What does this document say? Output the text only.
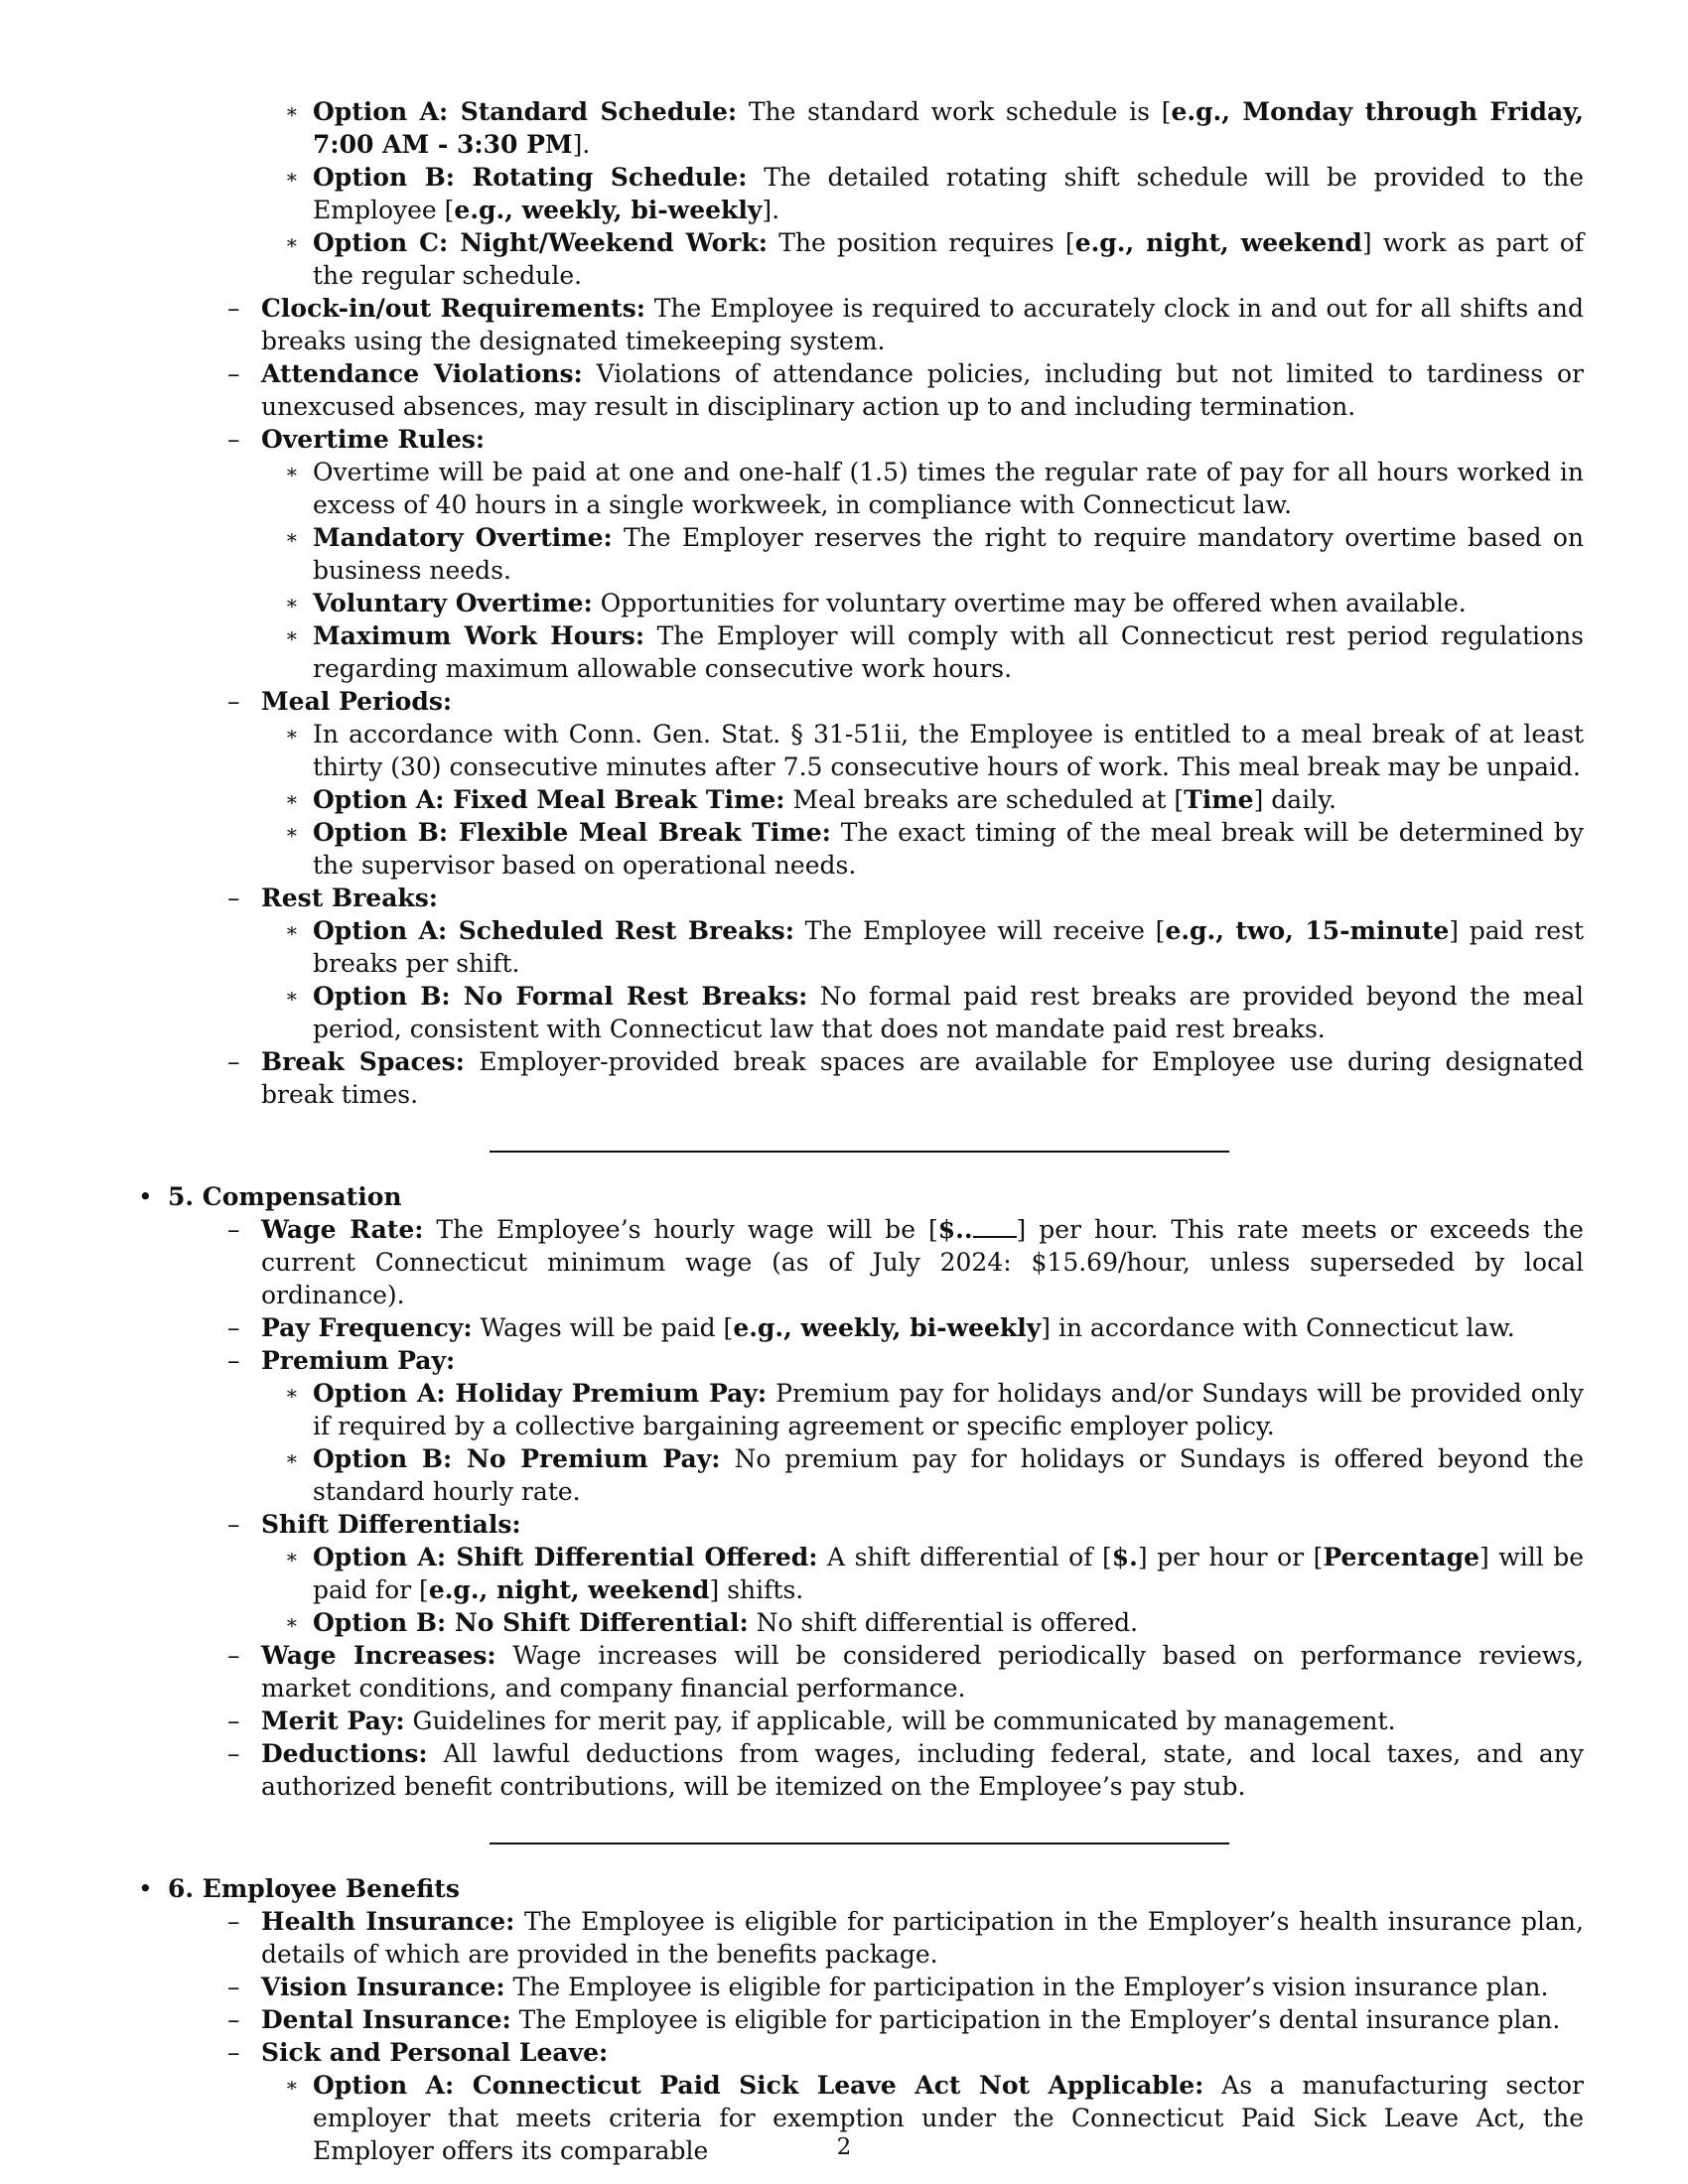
∗ Option A: Standard Schedule: The standard work schedule is [e.g., Monday through Friday, 7:00 AM - 3:30 PM].
∗ Option B: Rotating Schedule: The detailed rotating shift schedule will be provided to the Employee [e.g., weekly, bi-weekly].
∗ Option C: Night/Weekend Work: The position requires [e.g., night, weekend] work as part of the regular schedule.
– Clock-in/out Requirements: The Employee is required to accurately clock in and out for all shifts and breaks using the designated timekeeping system.
– Attendance Violations: Violations of attendance policies, including but not limited to tardiness or unexcused absences, may result in disciplinary action up to and including termination.
– Overtime Rules:
∗ Overtime will be paid at one and one-half (1.5) times the regular rate of pay for all hours worked in excess of 40 hours in a single workweek, in compliance with Connecticut law.
∗ Mandatory Overtime: The Employer reserves the right to require mandatory overtime based on business needs.
∗ Voluntary Overtime: Opportunities for voluntary overtime may be offered when available.
∗ Maximum Work Hours: The Employer will comply with all Connecticut rest period regulations regarding maximum allowable consecutive work hours.
– Meal Periods:
∗ In accordance with Conn. Gen. Stat. § 31-51ii, the Employee is entitled to a meal break of at least thirty (30) consecutive minutes after 7.5 consecutive hours of work. This meal break may be unpaid.
∗ Option A: Fixed Meal Break Time: Meal breaks are scheduled at [Time] daily.
∗ Option B: Flexible Meal Break Time: The exact timing of the meal break will be determined by the supervisor based on operational needs.
– Rest Breaks:
∗ Option A: Scheduled Rest Breaks: The Employee will receive [e.g., two, 15-minute] paid rest breaks per shift.
∗ Option B: No Formal Rest Breaks: No formal paid rest breaks are provided beyond the meal period, consistent with Connecticut law that does not mandate paid rest breaks.
– Break Spaces: Employer-provided break spaces are available for Employee use during designated break times.
• 5. Compensation
– Wage Rate: The Employee’s hourly wage will be [$.. ] per hour. This rate meets or exceeds the current Connecticut minimum wage (as of July 2024: $15.69/hour, unless superseded by local ordinance).
– Pay Frequency: Wages will be paid [e.g., weekly, bi-weekly] in accordance with Connecticut law.
– Premium Pay:
∗ Option A: Holiday Premium Pay: Premium pay for holidays and/or Sundays will be provided only if required by a collective bargaining agreement or specific employer policy.
∗ Option B: No Premium Pay: No premium pay for holidays or Sundays is offered beyond the standard hourly rate.
– Shift Differentials:
∗ Option A: Shift Differential Offered: A shift differential of [$.] per hour or [Percentage] will be paid for [e.g., night, weekend] shifts.
∗ Option B: No Shift Differential: No shift differential is offered.
– Wage Increases: Wage increases will be considered periodically based on performance reviews, market conditions, and company financial performance.
– Merit Pay: Guidelines for merit pay, if applicable, will be communicated by management.
– Deductions: All lawful deductions from wages, including federal, state, and local taxes, and any authorized benefit contributions, will be itemized on the Employee’s pay stub.
• 6. Employee Benefits
– Health Insurance: The Employee is eligible for participation in the Employer’s health insurance plan, details of which are provided in the benefits package.
– Vision Insurance: The Employee is eligible for participation in the Employer’s vision insurance plan.
– Dental Insurance: The Employee is eligible for participation in the Employer’s dental insurance plan.
– Sick and Personal Leave:
∗ Option A: Connecticut Paid Sick Leave Act Not Applicable: As a manufacturing sector employer that meets criteria for exemption under the Connecticut Paid Sick Leave Act, the Employer offers its comparable	2
